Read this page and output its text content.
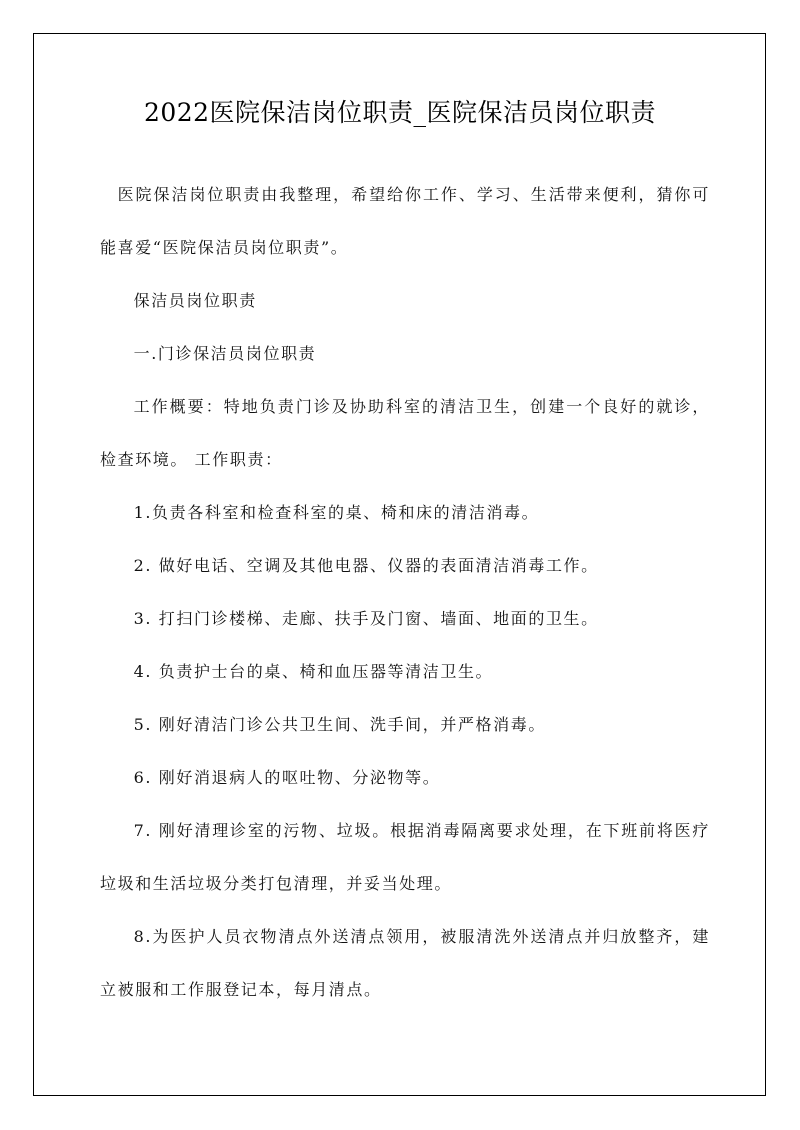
2022医院保洁岗位职责_医院保洁员岗位职责

医院保洁岗位职责由我整理，希望给你工作、学习、生活带来便利，猜你可能喜爱“医院保洁员岗位职责”。

保洁员岗位职责

一.门诊保洁员岗位职责

工作概要：特地负责门诊及协助科室的清洁卫生，创建一个良好的就诊，检查环境。 工作职责：

1.负责各科室和检查科室的桌、椅和床的清洁消毒。

2. 做好电话、空调及其他电器、仪器的表面清洁消毒工作。

3. 打扫门诊楼梯、走廊、扶手及门窗、墙面、地面的卫生。

4. 负责护士台的桌、椅和血压器等清洁卫生。

5. 刚好清洁门诊公共卫生间、洗手间，并严格消毒。

6. 刚好消退病人的呕吐物、分泌物等。

7. 刚好清理诊室的污物、垃圾。根据消毒隔离要求处理，在下班前将医疗垃圾和生活垃圾分类打包清理，并妥当处理。

8.为医护人员衣物清点外送清点领用，被服清洗外送清点并归放整齐，建立被服和工作服登记本，每月清点。
